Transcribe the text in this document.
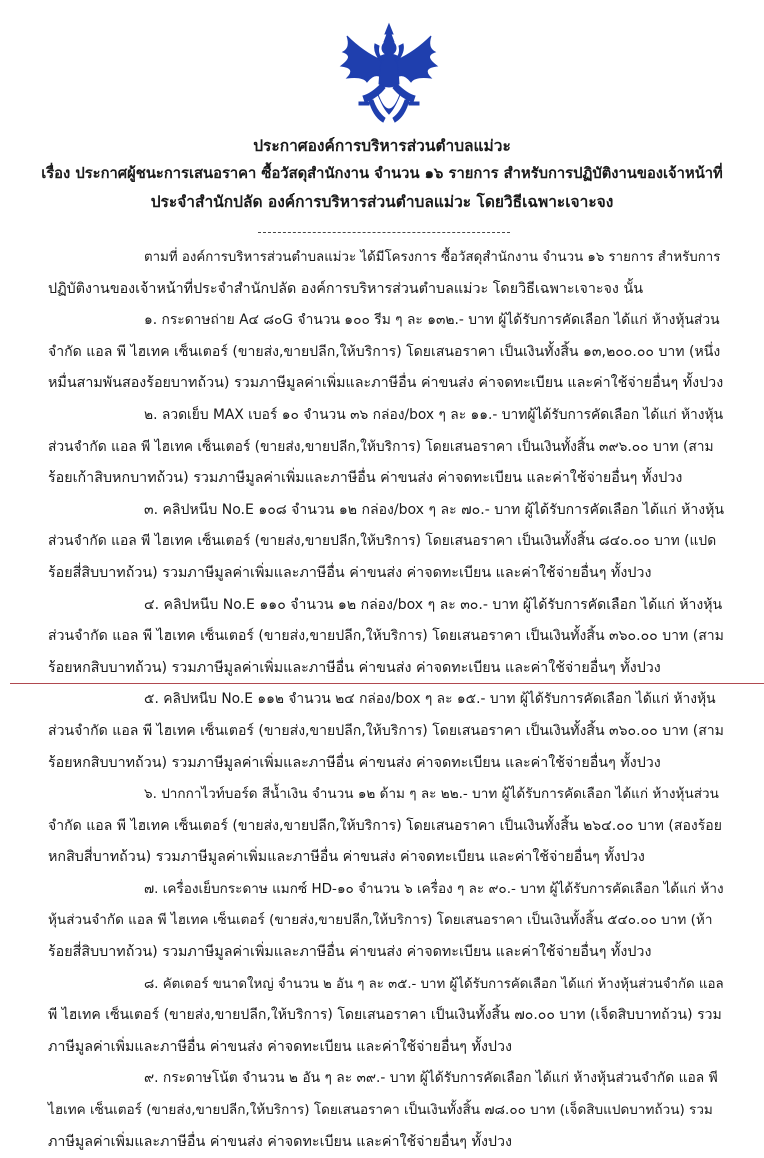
ประกาศองค์การบริหารส่วนตำบลแม่วะ
เรื่อง ประกาศผู้ชนะการเสนอราคา ซื้อวัสดุสำนักงาน จำนวน ๑๖ รายการ สำหรับการปฏิบัติงานของเจ้าหน้าที่
ประจำสำนักปลัด องค์การบริหารส่วนตำบลแม่วะ โดยวิธีเฉพาะเจาะจง
ตามที่ องค์การบริหารส่วนตำบลแม่วะ ได้มีโครงการ ซื้อวัสดุสำนักงาน จำนวน ๑๖ รายการ สำหรับการ
ปฏิบัติงานของเจ้าหน้าที่ประจำสำนักปลัด องค์การบริหารส่วนตำบลแม่วะ โดยวิธีเฉพาะเจาะจง นั้น
๑. กระดาษถ่าย A๔ ๘๐G จำนวน ๑๐๐ รีม ๆ ละ ๑๓๒.- บาท ผู้ได้รับการคัดเลือก ได้แก่ ห้างหุ้นส่วน
จำกัด แอล พี ไฮเทค เซ็นเตอร์ (ขายส่ง,ขายปลีก,ให้บริการ) โดยเสนอราคา เป็นเงินทั้งสิ้น ๑๓,๒๐๐.๐๐ บาท (หนึ่ง
หมื่นสามพันสองร้อยบาทถ้วน) รวมภาษีมูลค่าเพิ่มและภาษีอื่น ค่าขนส่ง ค่าจดทะเบียน และค่าใช้จ่ายอื่นๆ ทั้งปวง
๒. ลวดเย็บ MAX เบอร์ ๑๐ จำนวน ๓๖ กล่อง/box ๆ ละ ๑๑.- บาทผู้ได้รับการคัดเลือก ได้แก่ ห้างหุ้น
ส่วนจำกัด แอล พี ไฮเทค เซ็นเตอร์ (ขายส่ง,ขายปลีก,ให้บริการ) โดยเสนอราคา เป็นเงินทั้งสิ้น ๓๙๖.๐๐ บาท (สาม
ร้อยเก้าสิบหกบาทถ้วน) รวมภาษีมูลค่าเพิ่มและภาษีอื่น ค่าขนส่ง ค่าจดทะเบียน และค่าใช้จ่ายอื่นๆ ทั้งปวง
๓. คลิปหนีบ No.E ๑๐๘ จำนวน ๑๒ กล่อง/box ๆ ละ ๗๐.- บาท ผู้ได้รับการคัดเลือก ได้แก่ ห้างหุ้น
ส่วนจำกัด แอล พี ไฮเทค เซ็นเตอร์ (ขายส่ง,ขายปลีก,ให้บริการ) โดยเสนอราคา เป็นเงินทั้งสิ้น ๘๔๐.๐๐ บาท (แปด
ร้อยสี่สิบบาทถ้วน) รวมภาษีมูลค่าเพิ่มและภาษีอื่น ค่าขนส่ง ค่าจดทะเบียน และค่าใช้จ่ายอื่นๆ ทั้งปวง
๔. คลิปหนีบ No.E ๑๑๐ จำนวน ๑๒ กล่อง/box ๆ ละ ๓๐.- บาท ผู้ได้รับการคัดเลือก ได้แก่ ห้างหุ้น
ส่วนจำกัด แอล พี ไฮเทค เซ็นเตอร์ (ขายส่ง,ขายปลีก,ให้บริการ) โดยเสนอราคา เป็นเงินทั้งสิ้น ๓๖๐.๐๐ บาท (สาม
ร้อยหกสิบบาทถ้วน) รวมภาษีมูลค่าเพิ่มและภาษีอื่น ค่าขนส่ง ค่าจดทะเบียน และค่าใช้จ่ายอื่นๆ ทั้งปวง
๕. คลิปหนีบ No.E ๑๑๒ จำนวน ๒๔ กล่อง/box ๆ ละ ๑๕.- บาท ผู้ได้รับการคัดเลือก ได้แก่ ห้างหุ้น
ส่วนจำกัด แอล พี ไฮเทค เซ็นเตอร์ (ขายส่ง,ขายปลีก,ให้บริการ) โดยเสนอราคา เป็นเงินทั้งสิ้น ๓๖๐.๐๐ บาท (สาม
ร้อยหกสิบบาทถ้วน) รวมภาษีมูลค่าเพิ่มและภาษีอื่น ค่าขนส่ง ค่าจดทะเบียน และค่าใช้จ่ายอื่นๆ ทั้งปวง
๖. ปากกาไวท์บอร์ด สีน้ำเงิน จำนวน ๑๒ ด้าม ๆ ละ ๒๒.- บาท ผู้ได้รับการคัดเลือก ได้แก่ ห้างหุ้นส่วน
จำกัด แอล พี ไฮเทค เซ็นเตอร์ (ขายส่ง,ขายปลีก,ให้บริการ) โดยเสนอราคา เป็นเงินทั้งสิ้น ๒๖๔.๐๐ บาท (สองร้อย
หกสิบสี่บาทถ้วน) รวมภาษีมูลค่าเพิ่มและภาษีอื่น ค่าขนส่ง ค่าจดทะเบียน และค่าใช้จ่ายอื่นๆ ทั้งปวง
๗. เครื่องเย็บกระดาษ แมกซ์ HD-๑๐ จำนวน ๖ เครื่อง ๆ ละ ๙๐.- บาท ผู้ได้รับการคัดเลือก ได้แก่ ห้าง
หุ้นส่วนจำกัด แอล พี ไฮเทค เซ็นเตอร์ (ขายส่ง,ขายปลีก,ให้บริการ) โดยเสนอราคา เป็นเงินทั้งสิ้น ๕๔๐.๐๐ บาท (ห้า
ร้อยสี่สิบบาทถ้วน) รวมภาษีมูลค่าเพิ่มและภาษีอื่น ค่าขนส่ง ค่าจดทะเบียน และค่าใช้จ่ายอื่นๆ ทั้งปวง
๘. คัตเตอร์ ขนาดใหญ่ จำนวน ๒ อัน ๆ ละ ๓๕.- บาท ผู้ได้รับการคัดเลือก ได้แก่ ห้างหุ้นส่วนจำกัด แอล
พี ไฮเทค เซ็นเตอร์ (ขายส่ง,ขายปลีก,ให้บริการ) โดยเสนอราคา เป็นเงินทั้งสิ้น ๗๐.๐๐ บาท (เจ็ดสิบบาทถ้วน) รวม
ภาษีมูลค่าเพิ่มและภาษีอื่น ค่าขนส่ง ค่าจดทะเบียน และค่าใช้จ่ายอื่นๆ ทั้งปวง
๙. กระดาษโน้ต จำนวน ๒ อัน ๆ ละ ๓๙.- บาท ผู้ได้รับการคัดเลือก ได้แก่ ห้างหุ้นส่วนจำกัด แอล พี
ไฮเทค เซ็นเตอร์ (ขายส่ง,ขายปลีก,ให้บริการ) โดยเสนอราคา เป็นเงินทั้งสิ้น ๗๘.๐๐ บาท (เจ็ดสิบแปดบาทถ้วน) รวม
ภาษีมูลค่าเพิ่มและภาษีอื่น ค่าขนส่ง ค่าจดทะเบียน และค่าใช้จ่ายอื่นๆ ทั้งปวง
